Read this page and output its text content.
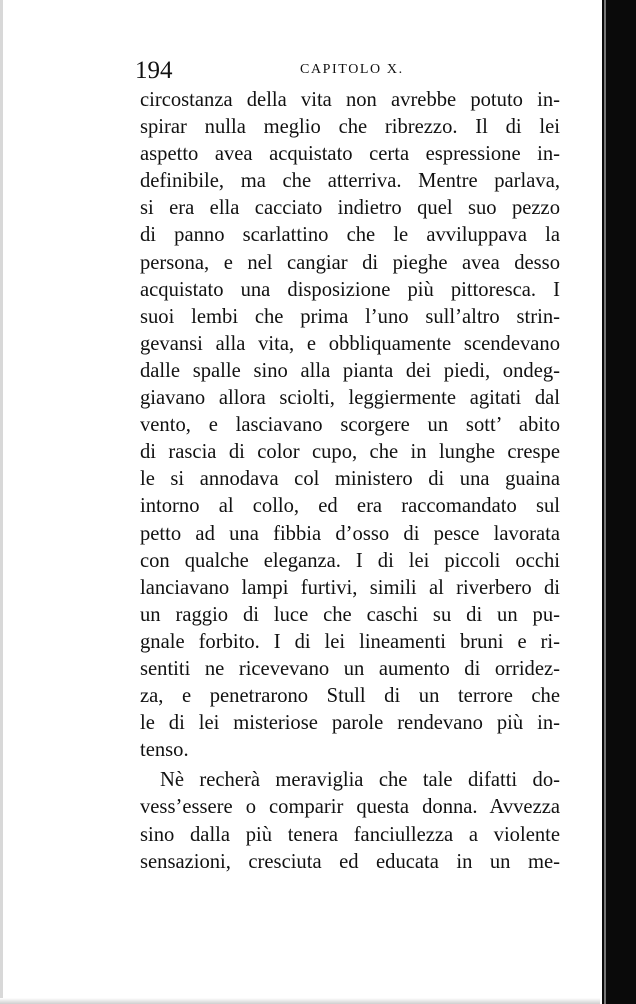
194	CAPITOLO X.
circostanza della vita non avrebbe potuto in-
spirar nulla meglio che ribrezzo. Il di lei
aspetto avea acquistato certa espressione in-
definibile, ma che atterriva. Mentre parlava,
si era ella cacciato indietro quel suo pezzo
di panno scarlattino che le avviluppava la
persona, e nel cangiar di pieghe avea desso
acquistato una disposizione più pittoresca. I
suoi lembi che prima l’uno sull’altro strin-
gevansi alla vita, e obbliquamente scendevano
dalle spalle sino alla pianta dei piedi, ondeg-
giavano allora sciolti, leggiermente agitati dal
vento, e lasciavano scorgere un sott’ abito
di rascia di color cupo, che in lunghe crespe
le si annodava col ministero di una guaina
intorno al collo, ed era raccomandato sul
petto ad una fibbia d’osso di pesce lavorata
con qualche eleganza. I di lei piccoli occhi
lanciavano lampi furtivi, simili al riverbero di
un raggio di luce che caschi su di un pu-
gnale forbito. I di lei lineamenti bruni e ri-
sentiti ne ricevevano un aumento di orridez-
za, e penetrarono Stull di un terrore che
le di lei misteriose parole rendevano più in-
tenso.
Nè recherà meraviglia che tale difatti do-
vess’essere o comparir questa donna. Avvezza
sino dalla più tenera fanciullezza a violente
sensazioni, cresciuta ed educata in un me-
